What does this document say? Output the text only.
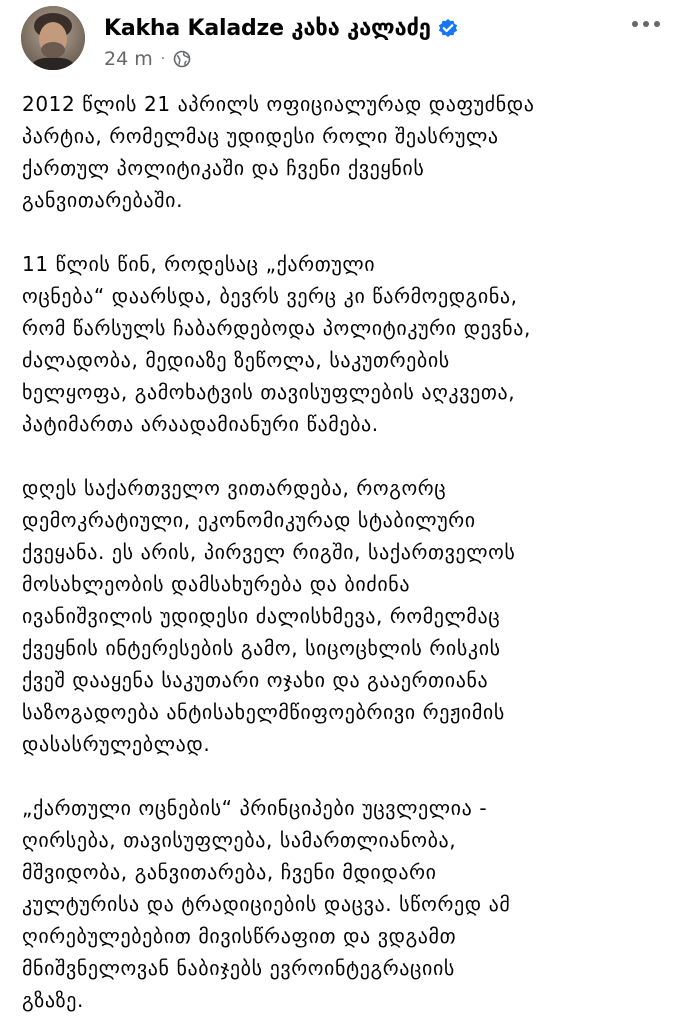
Kakha Kaladze კახა კალაძე
24 m ·

2012 წლის 21 აპრილს ოფიციალურად დაფუძნდა
პარტია, რომელმაც უდიდესი როლი შეასრულა
ქართულ პოლიტიკაში და ჩვენი ქვეყნის
განვითარებაში.

11 წლის წინ, როდესაც „ქართული
ოცნება“ დაარსდა, ბევრს ვერც კი წარმოედგინა,
რომ წარსულს ჩაბარდებოდა პოლიტიკური დევნა,
ძალადობა, მედიაზე ზეწოლა, საკუთრების
ხელყოფა, გამოხატვის თავისუფლების აღკვეთა,
პატიმართა არაადამიანური წამება.

დღეს საქართველო ვითარდება, როგორც
დემოკრატიული, ეკონომიკურად სტაბილური
ქვეყანა. ეს არის, პირველ რიგში, საქართველოს
მოსახლეობის დამსახურება და ბიძინა
ივანიშვილის უდიდესი ძალისხმევა, რომელმაც
ქვეყნის ინტერესების გამო, სიცოცხლის რისკის
ქვეშ დააყენა საკუთარი ოჯახი და გააერთიანა
საზოგადოება ანტისახელმწიფოებრივი რეჟიმის
დასასრულებლად.

„ქართული ოცნების“ პრინციპები უცვლელია -
ღირსება, თავისუფლება, სამართლიანობა,
მშვიდობა, განვითარება, ჩვენი მდიდარი
კულტურისა და ტრადიციების დაცვა. სწორედ ამ
ღირებულებებით მივისწრაფით და ვდგამთ
მნიშვნელოვან ნაბიჯებს ევროინტეგრაციის
გზაზე.
